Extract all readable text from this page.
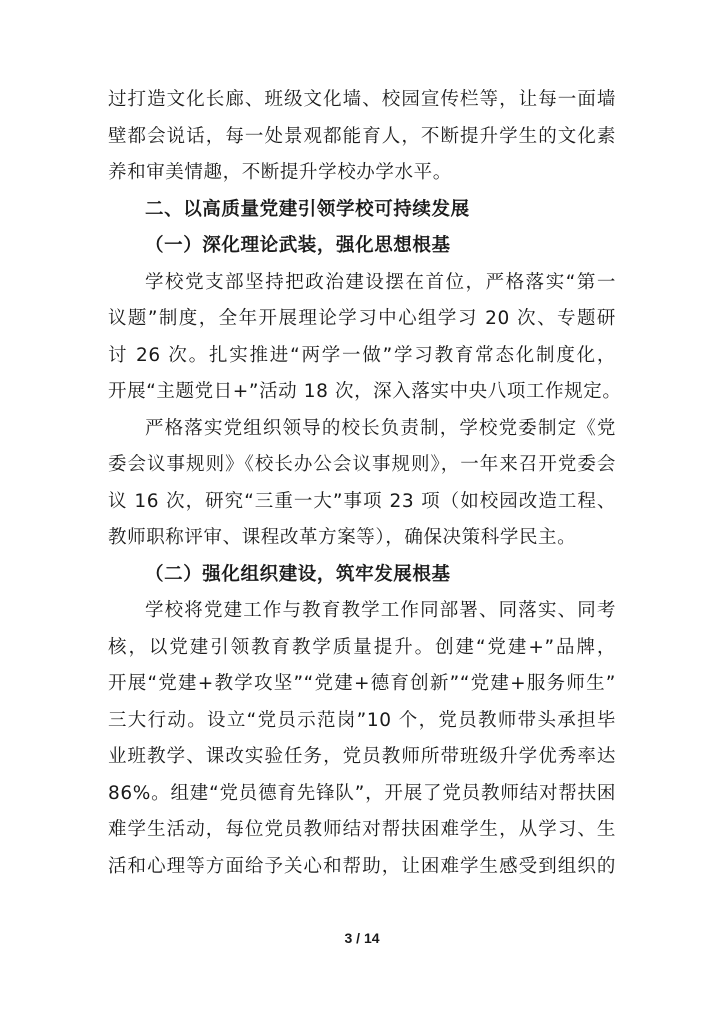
过打造文化长廊、班级文化墙、校园宣传栏等，让每一面墙
壁都会说话，每一处景观都能育人，不断提升学生的文化素
养和审美情趣，不断提升学校办学水平。
二、以高质量党建引领学校可持续发展
（一）深化理论武装，强化思想根基
学校党支部坚持把政治建设摆在首位，严格落实“第一
议题”制度，全年开展理论学习中心组学习 20 次、专题研
讨 26 次。扎实推进“两学一做”学习教育常态化制度化，
开展“主题党日+”活动 18 次，深入落实中央八项工作规定。
严格落实党组织领导的校长负责制，学校党委制定《党
委会议事规则》《校长办公会议事规则》，一年来召开党委会
议 16 次，研究“三重一大”事项 23 项（如校园改造工程、
教师职称评审、课程改革方案等），确保决策科学民主。
（二）强化组织建设，筑牢发展根基
学校将党建工作与教育教学工作同部署、同落实、同考
核，以党建引领教育教学质量提升。创建“党建+”品牌，
开展“党建+教学攻坚”“党建+德育创新”“党建+服务师生”
三大行动。设立“党员示范岗”10 个，党员教师带头承担毕
业班教学、课改实验任务，党员教师所带班级升学优秀率达
86%。组建“党员德育先锋队”，开展了党员教师结对帮扶困
难学生活动，每位党员教师结对帮扶困难学生，从学习、生
活和心理等方面给予关心和帮助，让困难学生感受到组织的
3 / 14
